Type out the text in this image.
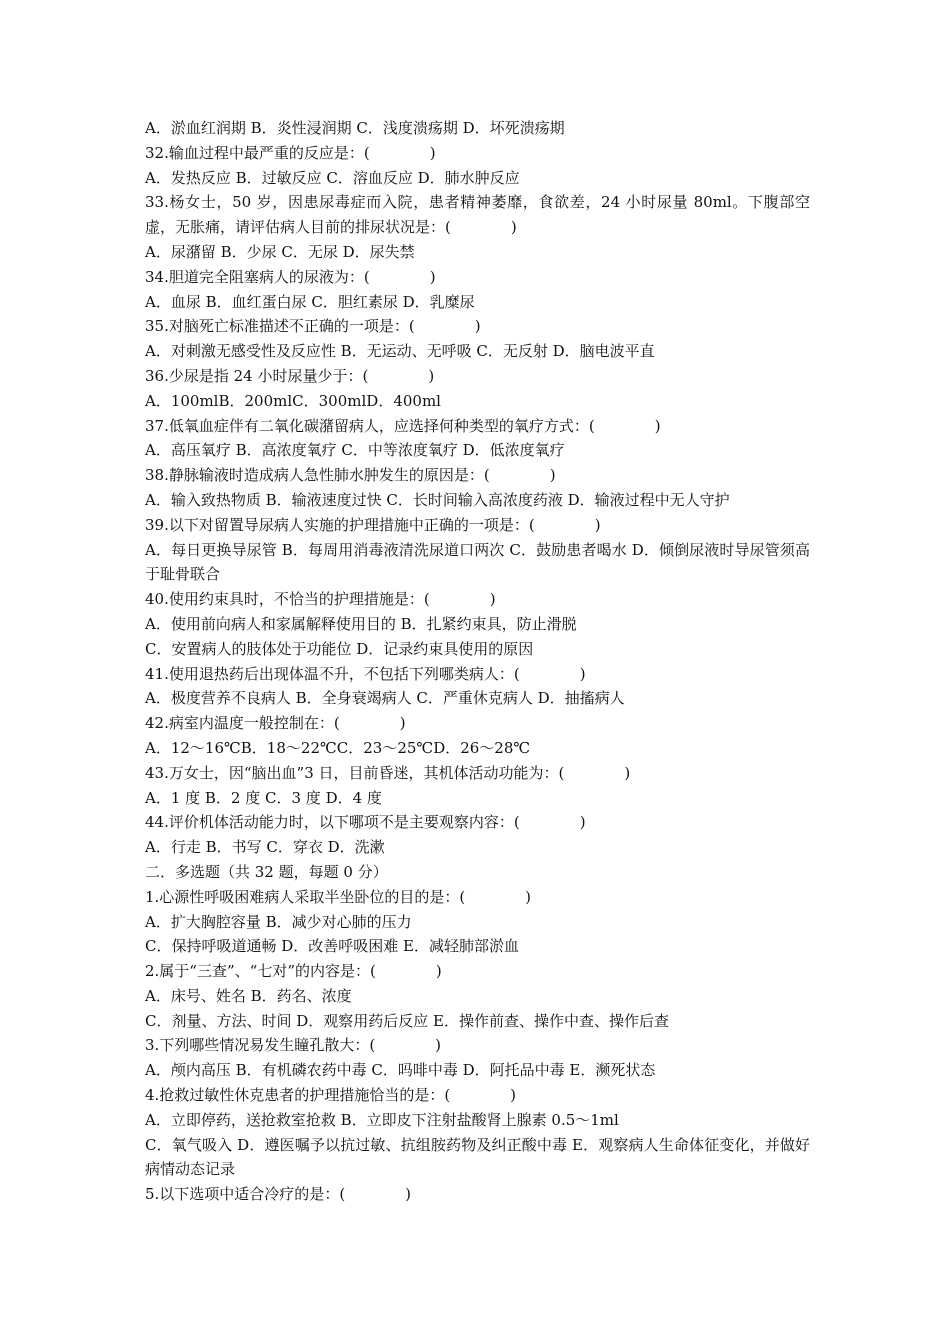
A．淤血红润期 B．炎性浸润期 C．浅度溃疡期 D．坏死溃疡期
32.输血过程中最严重的反应是：(　　　　)
A．发热反应 B．过敏反应 C．溶血反应 D．肺水肿反应
33.杨女士，50 岁，因患尿毒症而入院，患者精神萎靡，食欲差，24 小时尿量 80ml。下腹部空虚，无胀痛，请评估病人目前的排尿状况是：(　　　　)
A．尿潴留 B．少尿 C．无尿 D．尿失禁
34.胆道完全阻塞病人的尿液为：(　　　　)
A．血尿 B．血红蛋白尿 C．胆红素尿 D．乳糜尿
35.对脑死亡标准描述不正确的一项是：(　　　　)
A．对刺激无感受性及反应性 B．无运动、无呼吸 C．无反射 D．脑电波平直
36.少尿是指 24 小时尿量少于：(　　　　)
A．100mlB．200mlC．300mlD．400ml
37.低氧血症伴有二氧化碳潴留病人，应选择何种类型的氧疗方式：(　　　　)
A．高压氧疗 B．高浓度氧疗 C．中等浓度氧疗 D．低浓度氧疗
38.静脉输液时造成病人急性肺水肿发生的原因是：(　　　　)
A．输入致热物质 B．输液速度过快 C．长时间输入高浓度药液 D．输液过程中无人守护
39.以下对留置导尿病人实施的护理措施中正确的一项是：(　　　　)
A．每日更换导尿管 B．每周用消毒液清洗尿道口两次 C．鼓励患者喝水 D．倾倒尿液时导尿管须高于耻骨联合
40.使用约束具时，不恰当的护理措施是：(　　　　)
A．使用前向病人和家属解释使用目的 B．扎紧约束具，防止滑脱
C．安置病人的肢体处于功能位 D．记录约束具使用的原因
41.使用退热药后出现体温不升，不包括下列哪类病人：(　　　　)
A．极度营养不良病人 B．全身衰竭病人 C．严重休克病人 D．抽搐病人
42.病室内温度一般控制在：(　　　　)
A．12～16℃B．18～22℃C．23～25℃D．26～28℃
43.万女士，因“脑出血”3 日，目前昏迷，其机体活动功能为：(　　　　)
A．1 度 B．2 度 C．3 度 D．4 度
44.评价机体活动能力时，以下哪项不是主要观察内容：(　　　　)
A．行走 B．书写 C．穿衣 D．洗漱
二．多选题（共 32 题，每题 0 分）
1.心源性呼吸困难病人采取半坐卧位的目的是：(　　　　)
A．扩大胸腔容量 B．减少对心肺的压力
C．保持呼吸道通畅 D．改善呼吸困难 E．减轻肺部淤血
2.属于“三查”、“七对”的内容是：(　　　　)
A．床号、姓名 B．药名、浓度
C．剂量、方法、时间 D．观察用药后反应 E．操作前查、操作中查、操作后查
3.下列哪些情况易发生瞳孔散大：(　　　　)
A．颅内高压 B．有机磷农药中毒 C．吗啡中毒 D．阿托品中毒 E．濒死状态
4.抢救过敏性休克患者的护理措施恰当的是：(　　　　)
A．立即停药，送抢救室抢救 B．立即皮下注射盐酸肾上腺素 0.5～1ml
C．氧气吸入 D．遵医嘱予以抗过敏、抗组胺药物及纠正酸中毒 E．观察病人生命体征变化，并做好病情动态记录
5.以下选项中适合冷疗的是：(　　　　)
